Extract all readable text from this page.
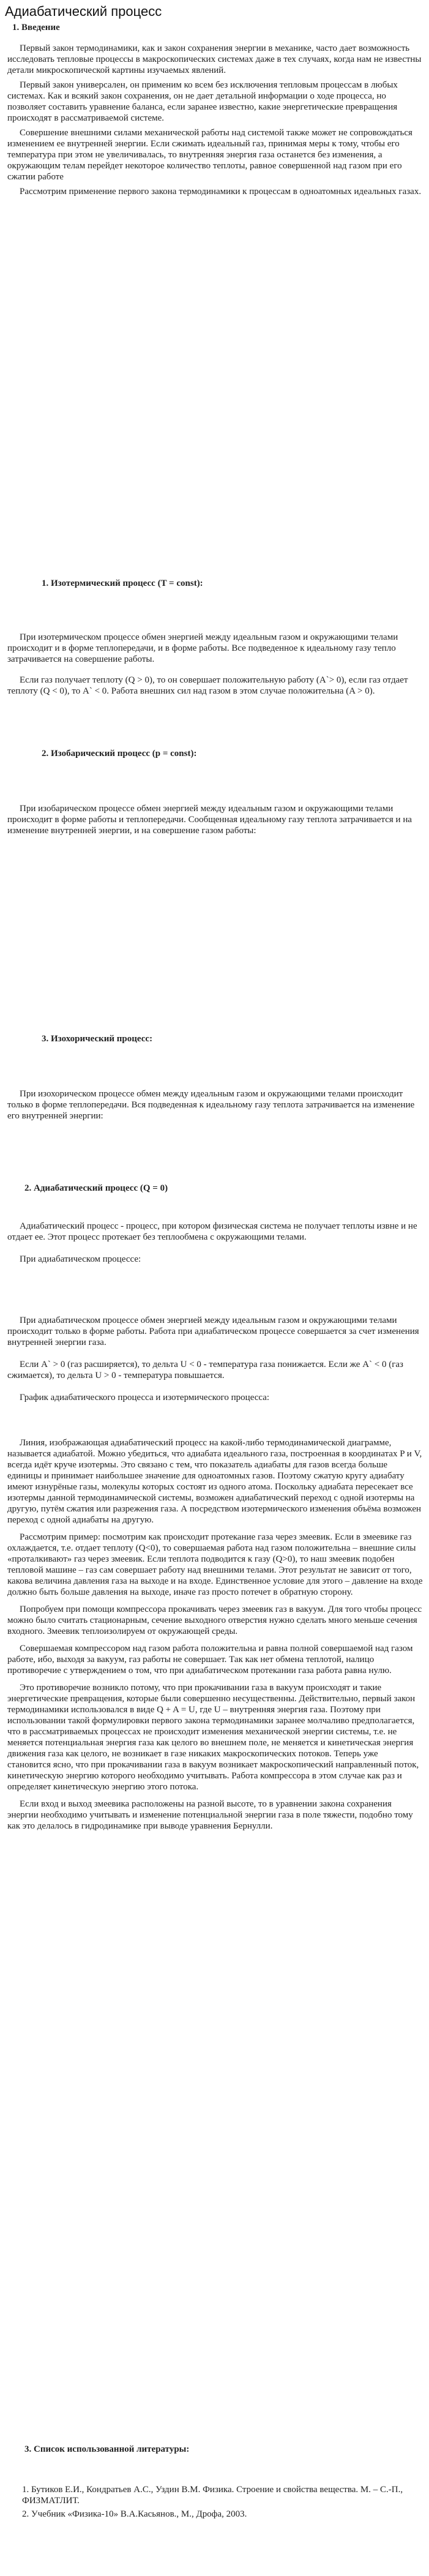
Адиабатический процесс

1. Введение

Первый закон термодинамики, как и закон сохранения энергии в механике, часто дает возможность исследовать тепловые процессы в макроскопических системах даже в тех случаях, когда нам не известны детали микроскопической картины изучаемых явлений.

Первый закон универсален, он применим ко всем без исключения тепловым процессам в любых системах. Как и всякий закон сохранения, он не дает детальной информации о ходе процесса, но позволяет составить уравнение баланса, если заранее известно, какие энергетические превращения происходят в рассматриваемой системе.

Совершение внешними силами механической работы над системой также может не сопровождаться изменением ее внутренней энергии. Если сжимать идеальный газ, принимая меры к тому, чтобы его температура при этом не увеличивалась, то внутренняя энергия газа останется без изменения, а окружающим телам перейдет некоторое количество теплоты, равное совершенной над газом при его сжатии работе

Рассмотрим применение первого закона термодинамики к процессам в однoатомных идеальных газах.

1. Изотермический процесс (T = const):

При изотермическом процессе обмен энергией между идеальным газом и окружающими телами происходит и в форме теплопередачи, и в форме работы. Все подведенное к идеальному газу тепло затрачивается на совершение работы.

Если газ получает теплоту (Q > 0), то он совершает положительную работу (A`> 0), если газ отдает теплоту (Q < 0), то A` < 0. Работа внешних сил над газом в этом случае положительна (A > 0).

2. Изобарический процесс (p = const):

При изобарическом процессе обмен энергией между идеальным газом и окружающими телами происходит в форме работы и теплопередачи. Сообщенная идеальному газу теплота затрачивается и на изменение внутренней энергии, и на совершение газом работы:

3. Изохорический процесс:

При изохорическом процессе обмен между идеальным газом и окружающими телами происходит только в форме теплопередачи. Вся подведенная к идеальному газу теплота затрачивается на изменение его внутренней энергии:

2. Адиабатический процесс (Q = 0)

Адиабатический процесс - процесс, при котором физическая система не получает теплоты извне и не отдает ее. Этот процесс протекает без теплообмена с окружающими телами.

При адиабатическом процессе:

При адиабатическом процессе обмен энергией между идеальным газом и окружающими телами происходит только в форме работы. Работа при адиабатическом процессе совершается за счет изменения внутренней энергии газа.

Если A` > 0 (газ расширяется), то дельта U < 0 - температура газа понижается. Если же A` < 0 (газ сжимается), то дельта U > 0 - температура повышается.

График адиабатического процесса и изотермического процесса:

Линия, изображающая адиабатический процесс на какой-либо термодинамической диаграмме, называется адиабатой. Можно убедиться, что адиабата идеального газа, построенная в координатах P и V, всегда идёт круче изотермы. Это связано с тем, что показатель адиабаты для газов всегда больше единицы и принимает наибольшее значение для одноатомных газов. Поэтому сжатую кругу адиабату имеют изнурёные газы, молекулы которых состоят из одного атома. Поскольку адиабата пересекает все изотермы данной термодинамической системы, возможен адиабатический переход с одной изотермы на другую, путём сжатия или разрежения газа. А посредством изотермического изменения объёма возможен переход с одной адиабаты на другую.

Рассмотрим пример: посмотрим как происходит протекание газа через змеевик. Если в змеевике газ охлаждается, т.е. отдает теплоту (Q<0), то совершаемая работа над газом положительна – внешние силы «проталкивают» газ через змеевик. Если теплота подводится к газу (Q>0), то наш змеевик подобен тепловой машине – газ сам совершает работу над внешними телами. Этот результат не зависит от того, какова величина давления газа на выходе и на входе. Единственное условие для этого – давление на входе должно быть больше давления на выходе, иначе газ просто потечет в обратную сторону.

Попробуем при помощи компрессора прокачивать через змеевик газ в вакуум. Для того чтобы процесс можно было считать стационарным, сечение выходного отверстия нужно сделать много меньше сечения входного. Змеевик теплоизолируем от окружающей среды.

Совершаемая компрессором над газом работа положительна и равна полной совершаемой над газом работе, ибо, выходя за вакуум, газ работы не совершает. Так как нет обмена теплотой, налицо противоречие с утверждением о том, что при адиабатическом протекании газа работа равна нулю.

Это противоречие возникло потому, что при прокачивании газа в вакуум происходят и такие энергетические превращения, которые были совершенно несущественны. Действительно, первый закон термодинамики использовался в виде Q + A = U, где U – внутренняя энергия газа. Поэтому при использовании такой формулировки первого закона термодинамики заранее молчаливо предполагается, что в рассматриваемых процессах не происходит изменения механической энергии системы, т.е. не меняется потенциальная энергия газа как целого во внешнем поле, не меняется и кинетическая энергия движения газа как целого, не возникает в газе никаких макроскопических потоков. Теперь уже становится ясно, что при прокачивании газа в вакуум возникает макроскопический направленный поток, кинетическую энергию которого необходимо учитывать. Работа компрессора в этом случае как раз и определяет кинетическую энергию этого потока.

Если вход и выход змеевика расположены на разной высоте, то в уравнении закона сохранения энергии необходимо учитывать и изменение потенциальной энергии газа в поле тяжести, подобно тому как это делалось в гидродинамике при выводе уравнения Бернулли.

3. Список использованной литературы:

1. Бутиков Е.И., Кондратьев А.С., Уздин В.М. Физика. Строение и свойства вещества. М. – С.-П., ФИЗМАТЛИТ.

2. Учебник «Физика-10» В.А.Касьянов., М., Дрофа, 2003.
